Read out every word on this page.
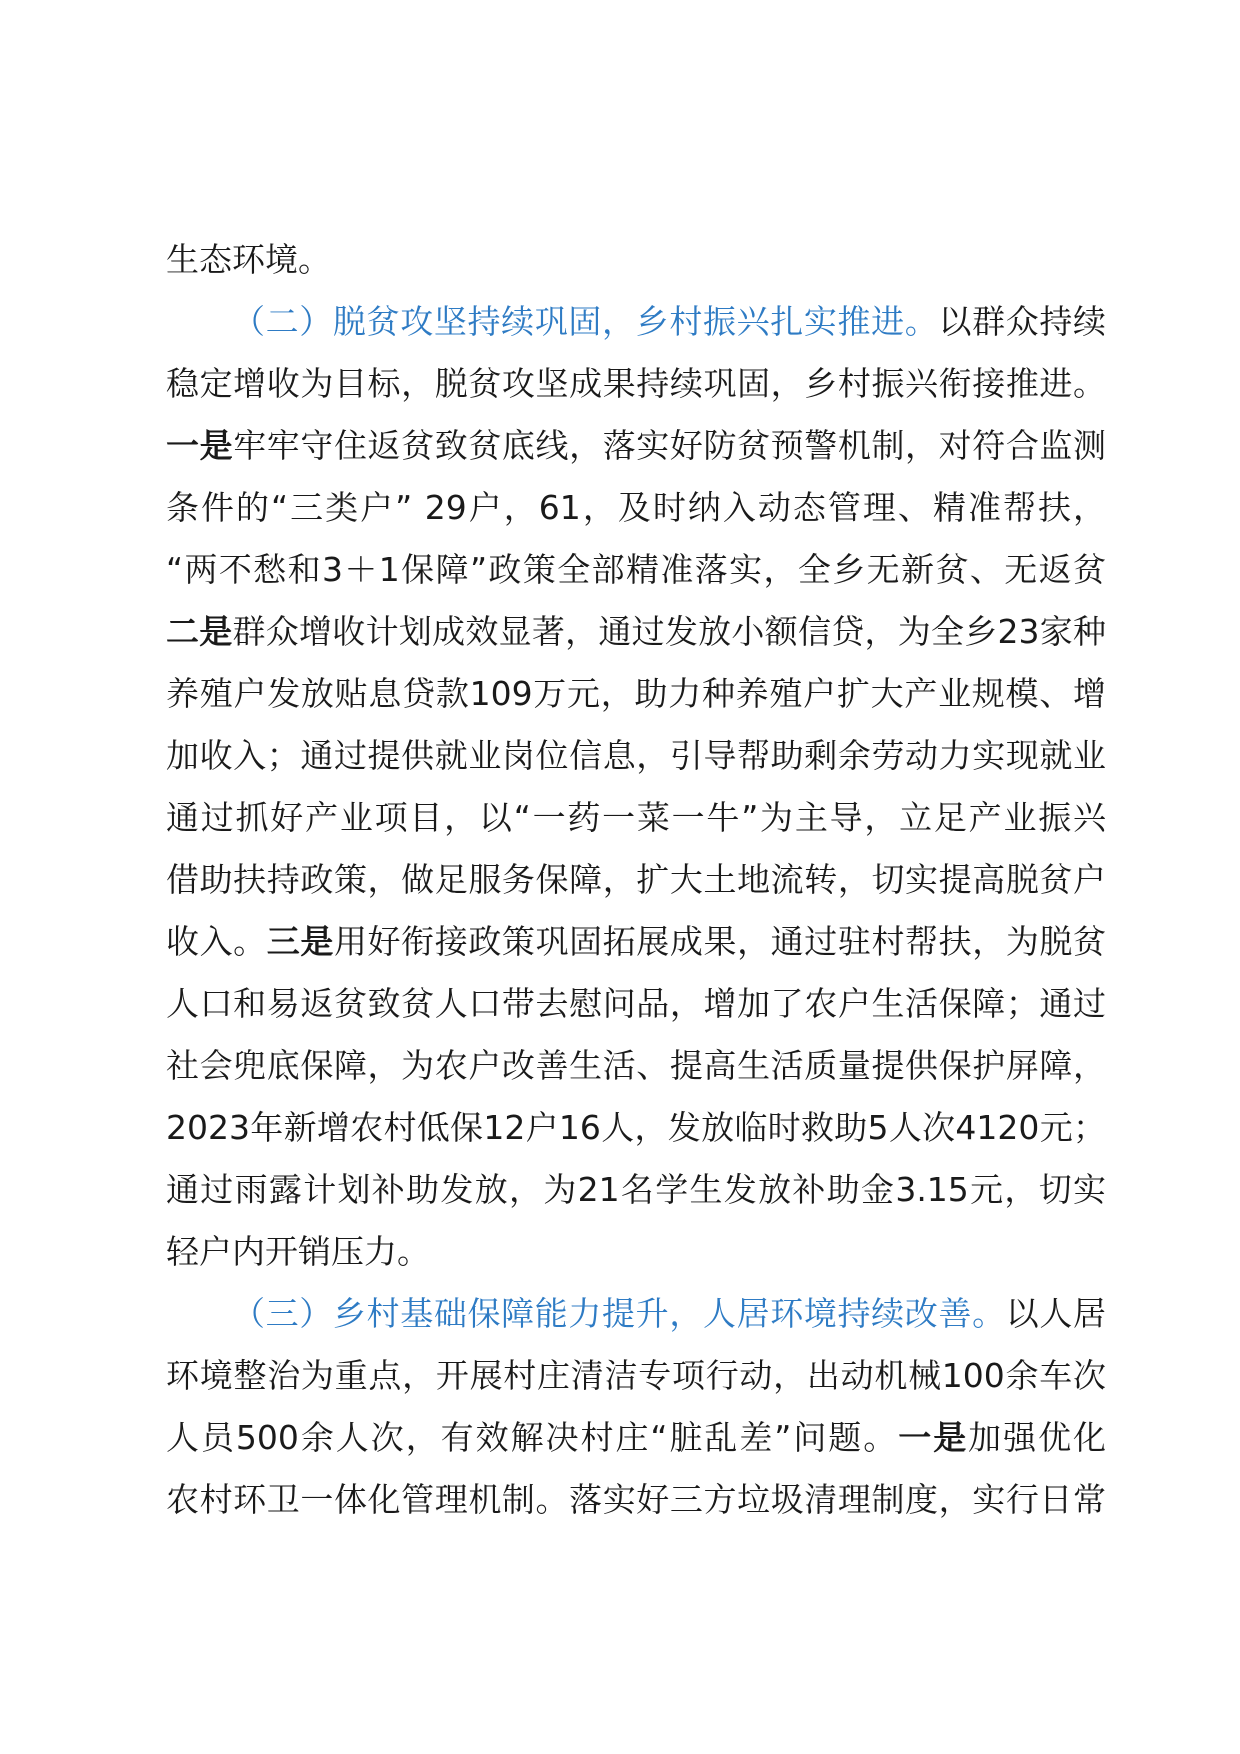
生态环境。
（二）脱贫攻坚持续巩固，乡村振兴扎实推进。以群众持续
稳定增收为目标，脱贫攻坚成果持续巩固，乡村振兴衔接推进。
一是牢牢守住返贫致贫底线，落实好防贫预警机制，对符合监测
条件的“三类户” 29户，61，及时纳入动态管理、精准帮扶，
“两不愁和3＋1保障”政策全部精准落实，全乡无新贫、无返贫
二是群众增收计划成效显著，通过发放小额信贷，为全乡23家种
养殖户发放贴息贷款109万元，助力种养殖户扩大产业规模、增
加收入；通过提供就业岗位信息，引导帮助剩余劳动力实现就业
通过抓好产业项目，以“一药一菜一牛”为主导，立足产业振兴
借助扶持政策，做足服务保障，扩大土地流转，切实提高脱贫户
收入。三是用好衔接政策巩固拓展成果，通过驻村帮扶，为脱贫
人口和易返贫致贫人口带去慰问品，增加了农户生活保障；通过
社会兜底保障，为农户改善生活、提高生活质量提供保护屏障，
2023年新增农村低保12户16人，发放临时救助5人次4120元；
通过雨露计划补助发放，为21名学生发放补助金3.15元，切实
轻户内开销压力。
（三）乡村基础保障能力提升，人居环境持续改善。以人居
环境整治为重点，开展村庄清洁专项行动，出动机械100余车次
人员500余人次，有效解决村庄“脏乱差”问题。一是加强优化
农村环卫一体化管理机制。落实好三方垃圾清理制度，实行日常
